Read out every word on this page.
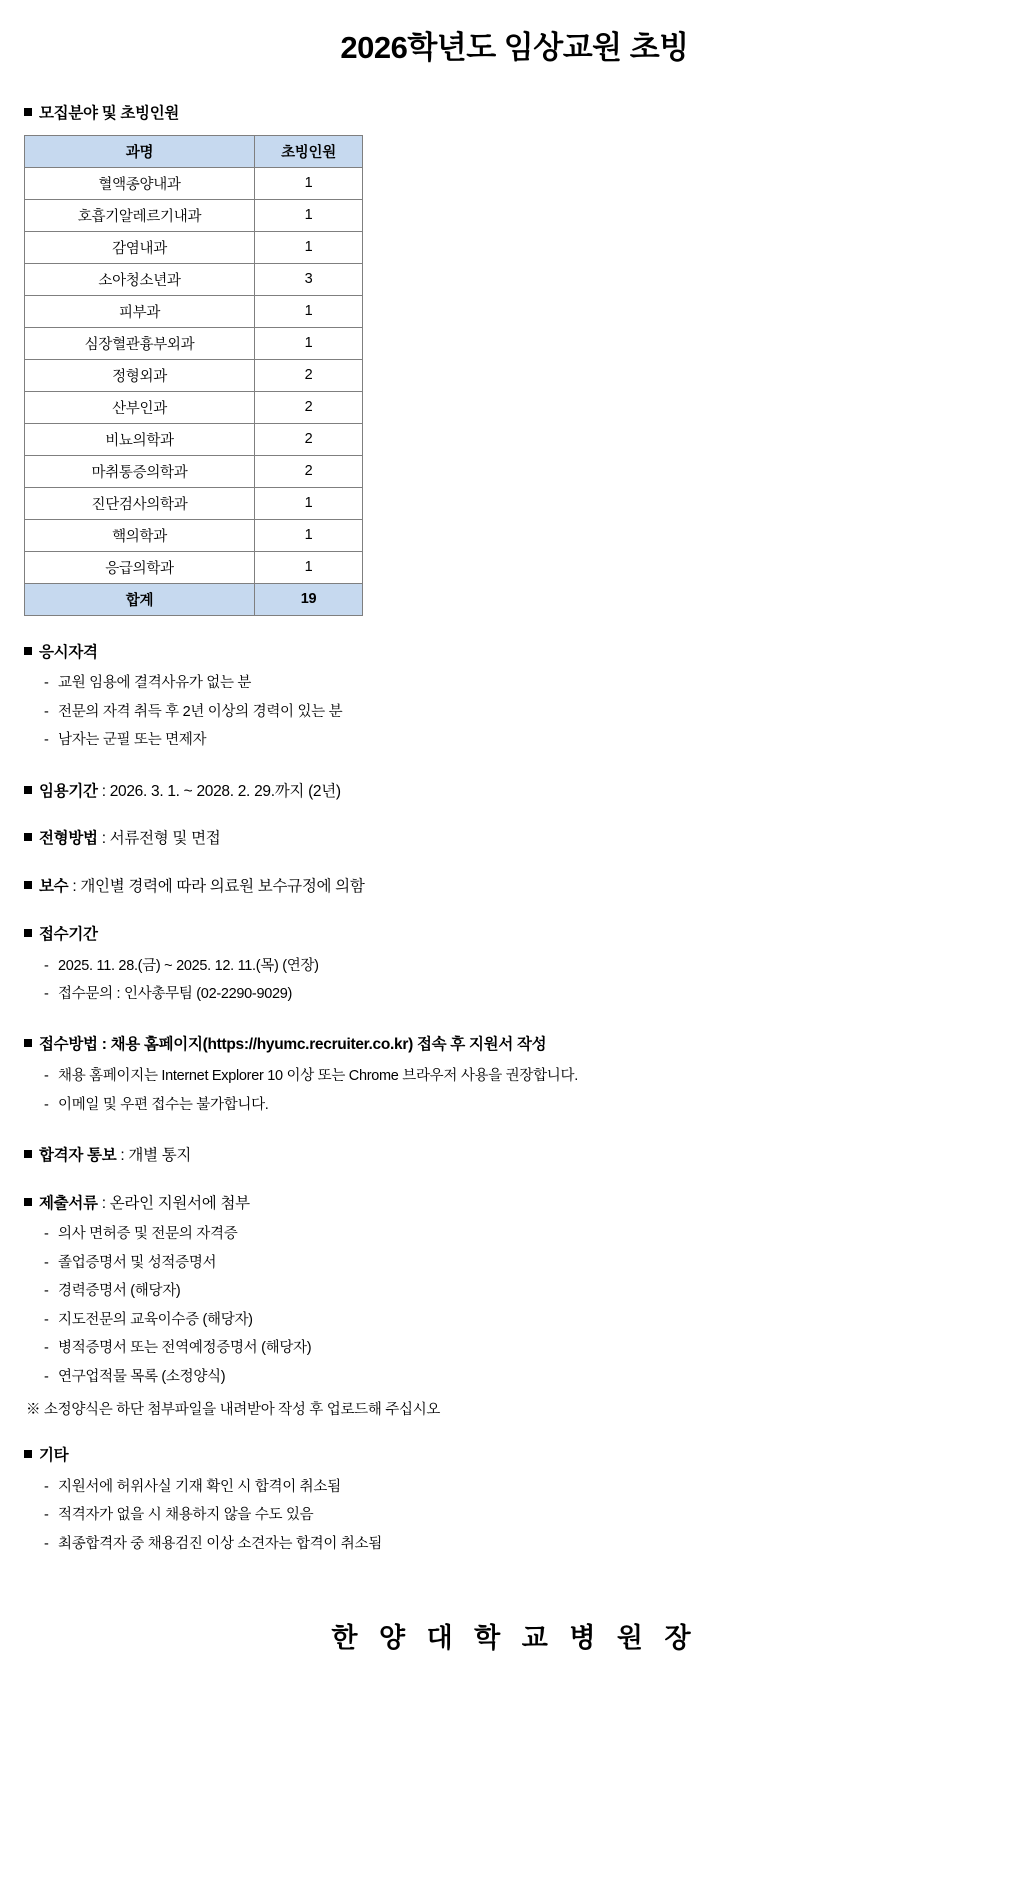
2026학년도 임상교원 초빙
모집분야 및 초빙인원
과명	초빙인원
혈액종양내과	1
호흡기알레르기내과	1
감염내과	1
소아청소년과	3
피부과	1
심장혈관흉부외과	1
정형외과	2
산부인과	2
비뇨의학과	2
마취통증의학과	2
진단검사의학과	1
핵의학과	1
응급의학과	1
합계	19
응시자격
- 교원 임용에 결격사유가 없는 분
- 전문의 자격 취득 후 2년 이상의 경력이 있는 분
- 남자는 군필 또는 면제자
임용기간 : 2026. 3. 1. ~ 2028. 2. 29.까지 (2년)
전형방법 : 서류전형 및 면접
보수 : 개인별 경력에 따라 의료원 보수규정에 의함
접수기간
- 2025. 11. 28.(금) ~ 2025. 12. 11.(목) (연장)
- 접수문의 : 인사총무팀 (02-2290-9029)
접수방법 : 채용 홈페이지(https://hyumc.recruiter.co.kr) 접속 후 지원서 작성
- 채용 홈페이지는 Internet Explorer 10 이상 또는 Chrome 브라우저 사용을 권장합니다.
- 이메일 및 우편 접수는 불가합니다.
합격자 통보 : 개별 통지
제출서류 : 온라인 지원서에 첨부
- 의사 면허증 및 전문의 자격증
- 졸업증명서 및 성적증명서
- 경력증명서 (해당자)
- 지도전문의 교육이수증 (해당자)
- 병적증명서 또는 전역예정증명서 (해당자)
- 연구업적물 목록 (소정양식)
※ 소정양식은 하단 첨부파일을 내려받아 작성 후 업로드해 주십시오
기타
- 지원서에 허위사실 기재 확인 시 합격이 취소됨
- 적격자가 없을 시 채용하지 않을 수도 있음
- 최종합격자 중 채용검진 이상 소견자는 합격이 취소됨
한 양 대 학 교 병 원 장
